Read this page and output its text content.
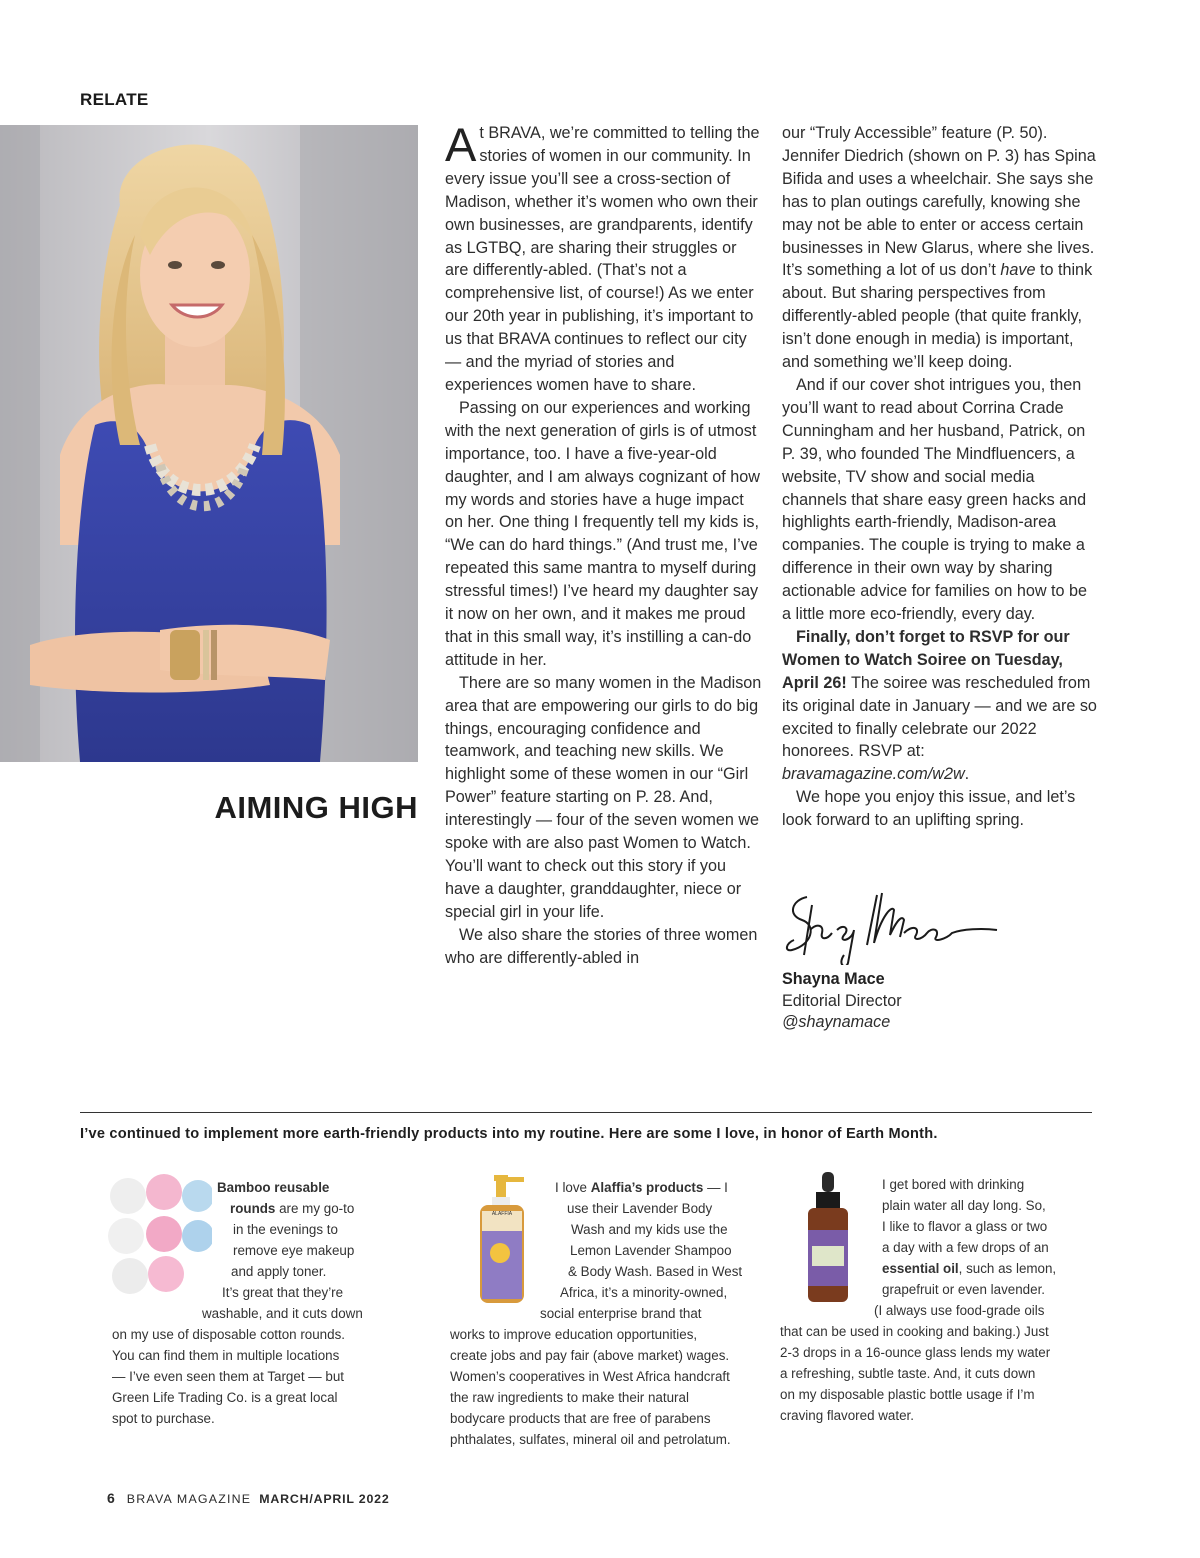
RELATE
AIMING HIGH

At BRAVA, we’re committed to telling the stories of women in our community. In every issue you’ll see a cross-section of Madison, whether it’s women who own their own businesses, are grandparents, identify as LGTBQ, are sharing their struggles or are differently-abled. (That’s not a comprehensive list, of course!) As we enter our 20th year in publishing, it’s important to us that BRAVA continues to reflect our city — and the myriad of stories and experiences women have to share.

Passing on our experiences and working with the next generation of girls is of utmost importance, too. I have a five-year-old daughter, and I am always cognizant of how my words and stories have a huge impact on her. One thing I frequently tell my kids is, “We can do hard things.” (And trust me, I’ve repeated this same mantra to myself during stressful times!) I’ve heard my daughter say it now on her own, and it makes me proud that in this small way, it’s instilling a can-do attitude in her.

There are so many women in the Madison area that are empowering our girls to do big things, encouraging confidence and teamwork, and teaching new skills. We highlight some of these women in our “Girl Power” feature starting on P. 28. And, interestingly — four of the seven women we spoke with are also past Women to Watch. You’ll want to check out this story if you have a daughter, granddaughter, niece or special girl in your life.

We also share the stories of three women who are differently-abled in

our “Truly Accessible” feature (P. 50). Jennifer Diedrich (shown on P. 3) has Spina Bifida and uses a wheelchair. She says she has to plan outings carefully, knowing she may not be able to enter or access certain businesses in New Glarus, where she lives. It’s something a lot of us don’t have to think about. But sharing perspectives from differently-abled people (that quite frankly, isn’t done enough in media) is important, and something we’ll keep doing.

And if our cover shot intrigues you, then you’ll want to read about Corrina Crade Cunningham and her husband, Patrick, on P. 39, who founded The Mindfluencers, a website, TV show and social media channels that share easy green hacks and highlights earth-friendly, Madison-area companies. The couple is trying to make a difference in their own way by sharing actionable advice for families on how to be a little more eco-friendly, every day.

Finally, don’t forget to RSVP for our Women to Watch Soiree on Tuesday, April 26! The soiree was rescheduled from its original date in January — and we are so excited to finally celebrate our 2022 honorees. RSVP at: bravamagazine.com/w2w.

We hope you enjoy this issue, and let’s look forward to an uplifting spring.

Shayna Mace
Editorial Director
@shaynamace
I’ve continued to implement more earth-friendly products into my routine. Here are some I love, in honor of Earth Month.
ALAFFIA
Bamboo reusable
rounds are my go-to
in the evenings to
remove eye makeup
and apply toner.
It’s great that they’re
washable, and it cuts down
on my use of disposable cotton rounds.
You can find them in multiple locations
— I’ve even seen them at Target — but
Green Life Trading Co. is a great local
spot to purchase.
I love Alaffia’s products — I
use their Lavender Body
Wash and my kids use the
Lemon Lavender Shampoo
& Body Wash. Based in West
Africa, it’s a minority-owned,
social enterprise brand that
works to improve education opportunities,
create jobs and pay fair (above market) wages.
Women’s cooperatives in West Africa handcraft
the raw ingredients to make their natural
bodycare products that are free of parabens
phthalates, sulfates, mineral oil and petrolatum.
I get bored with drinking
plain water all day long. So,
I like to flavor a glass or two
a day with a few drops of an
essential oil, such as lemon,
grapefruit or even lavender.
(I always use food-grade oils
that can be used in cooking and baking.) Just
2-3 drops in a 16-ounce glass lends my water
a refreshing, subtle taste. And, it cuts down
on my disposable plastic bottle usage if I’m
craving flavored water.
6 BRAVA MAGAZINE MARCH/APRIL 2022
